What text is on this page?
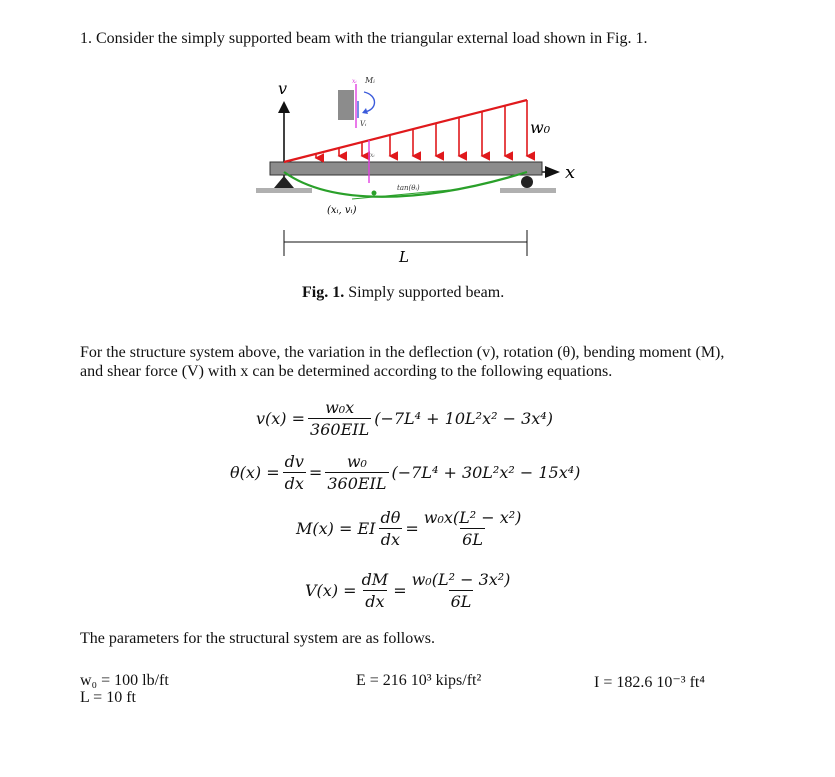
1. Consider the simply supported beam with the triangular external load shown in Fig. 1.
v
x
tan(θᵢ)
(xᵢ, vᵢ)
w₀
xᵢ
xᵢ Mᵢ
Vᵢ
L
Fig. 1. Simply supported beam.
For the structure system above, the variation in the deflection (v), rotation (θ), bending moment (M), and shear force (V) with x can be determined according to the following equations.
$v(x) = \frac{\text{w₀x}}{\text{360EIL}} (-7L^4 + 10L^2x^2 - 3x^4)$
$\theta(x) = \frac{dv}{dx} = \frac{\text{w₀}}{\text{360EIL}} (-7L^4 + 30L^2x^2 - 15x^4)$
M(x) = EI $\frac{d\theta}{dx} = \frac{\text{w₀x(L² − x²)}}{6L}$
$V(x) = \frac{dM}{dx} = \frac{\text{w₀(L² − 3x²)}}{6L}$
The parameters for the structural system are as follows.
w₀ = 100 lb/ft
L = 10 ft
E = 216 10³ kips/ft²	I = 182.6 10⁻³ ft⁴
